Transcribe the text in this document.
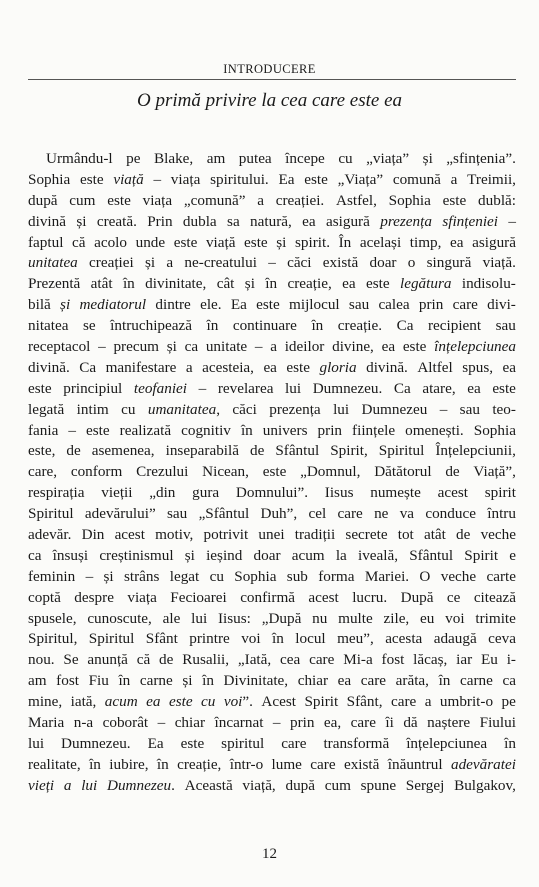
INTRODUCERE
O primă privire la cea care este ea
Urmându-l pe Blake, am putea începe cu „viața” și „sfințenia”.
Sophia este viață – viața spiritului. Ea este „Viața” comună a Treimii,
după cum este viața „comună” a creației. Astfel, Sophia este dublă:
divină și creată. Prin dubla sa natură, ea asigură prezența sfințeniei –
faptul că acolo unde este viață este și spirit. În același timp, ea asigură
unitatea creației și a ne-creatului – căci există doar o singură viață.
Prezentă atât în divinitate, cât și în creație, ea este legătura indisolu-
bilă și mediatorul dintre ele. Ea este mijlocul sau calea prin care divi-
nitatea se întruchipează în continuare în creație. Ca recipient sau
receptacol – precum și ca unitate – a ideilor divine, ea este înțelepciunea
divină. Ca manifestare a acesteia, ea este gloria divină. Altfel spus, ea
este principiul teofaniei – revelarea lui Dumnezeu. Ca atare, ea este
legată intim cu umanitatea, căci prezența lui Dumnezeu – sau teo-
fania – este realizată cognitiv în univers prin ființele omenești. Sophia
este, de asemenea, inseparabilă de Sfântul Spirit, Spiritul Înțelepciunii,
care, conform Crezului Nicean, este „Domnul, Dătătorul de Viață”,
respirația vieții „din gura Domnului”. Iisus numește acest spirit
Spiritul adevărului” sau „Sfântul Duh”, cel care ne va conduce întru
adevăr. Din acest motiv, potrivit unei tradiții secrete tot atât de veche
ca însuși creștinismul și ieșind doar acum la iveală, Sfântul Spirit e
feminin – și strâns legat cu Sophia sub forma Mariei. O veche carte
coptă despre viața Fecioarei confirmă acest lucru. După ce citează
spusele, cunoscute, ale lui Iisus: „După nu multe zile, eu voi trimite
Spiritul, Spiritul Sfânt printre voi în locul meu”, acesta adaugă ceva
nou. Se anunță că de Rusalii, „Iată, cea care Mi-a fost lăcaș, iar Eu i-
am fost Fiu în carne și în Divinitate, chiar ea care arăta, în carne ca
mine, iată, acum ea este cu voi”. Acest Spirit Sfânt, care a umbrit-o pe
Maria n-a coborât – chiar încarnat – prin ea, care îi dă naștere Fiului
lui Dumnezeu. Ea este spiritul care transformă înțelepciunea în
realitate, în iubire, în creație, într-o lume care există înăuntrul adevăratei
vieți a lui Dumnezeu. Această viață, după cum spune Sergej Bulgakov,
12
